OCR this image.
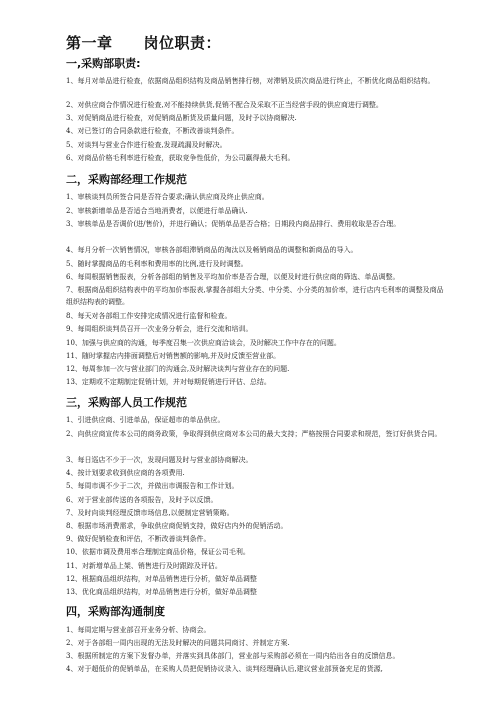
第一章　　岗位职责：
一,采购部职责:
1、每月对单品进行检查，依据商品组织结构及商品销售排行榜，对滞销及质次商品进行终止，不断优化商品组织结构。
2、对供应商合作情况进行检查,对不能持续供货,促销不配合及采取不正当经营手段的供应商进行调整。
3、对促销商品进行检查，对促销商品断货及质量问题，及时予以协商解决.
4、对已签订的合同条款进行检查，不断改善谈判条件。
5、对谈判与营业合作进行检查,发现疏漏及时解决。
6、对商品价格毛利率进行检查，获取竞争性低价，为公司赢得最大毛利。
二，采购部经理工作规范
1、审核谈判员所签合同是否符合要求;确认供应商及终止供应商。
2、审核新增单品是否适合当地消费者，以便进行单品确认.
3、审核单品是否调价(进/售价)，并进行确认；促销单品是否合格；日期段内商品排行、费用收取是否合理。
4、每月分析一次销售情况，审核各部组滞销商品的淘汰以及畅销商品的调整和新商品的导入。
5、随时掌握商品的毛利率和费用率的比例,进行及时调整。
6、每周根据销售报表，分析各部组的销售及平均加价率是否合理，以便及时进行供应商的筛选、单品调整。
7、根据商品组织结构表中的平均加价率报表,掌握各部组大分类、中分类、小分类的加价率，进行店内毛利率的调整及商品组织结构表的调整。
8、每天对各部组工作安排完成情况进行监督和检查。
9、每周组织谈判员召开一次业务分析会，进行交流和培训。
10、加强与供应商的沟通，每季度召集一次供应商洽谈会，及时解决工作中存在的问题。
11、随时掌握店内排面调整后对销售额的影响,并及时反馈至营业部。
12、每周参加一次与营业部门的沟通会,及时解决谈判与营业存在的问题.
13、定期或不定期制定促销计划，并对每期促销进行评估、总结。
三，采购部人员工作规范
1、引进供应商、引进单品，保证超市的单品供应。
2、向供应商宣传本公司的商务政策，争取得到供应商对本公司的最大支持；严格按照合同要求和规范，签订好供货合同。
3、每日巡店不少于一次，发现问题及时与营业部协商解决。
4、按计划要求收到供应商的各项费用.
5、每周市调不少于二次，并做出市调报告和工作计划。
6、对于营业部传送的各项报告，及时予以反馈。
7、及时向谈判经理反馈市场信息,以便制定营销策略。
8、根据市场消费需求，争取供应商促销支持，做好店内外的促销活动。
9、做好促销检查和评估，不断改善谈判条件。
10、依据市调及费用率合理制定商品价格，保证公司毛利。
11、对新增单品上架、销售进行及时跟踪及评估。
12、根据商品组织结构，对单品销售进行分析，做好单品调整
13、优化商品组织结构，对单品销售进行分析，做好单品调整
四，采购部沟通制度
1、每周定期与营业部召开业务分析、协商会。
2、对于各部组一周内出现的无法及时解决的问题共同商讨、并制定方案.
3、根据所制定的方案下发督办单，并落实到具体部门，营业部与采购部必须在一周内给出各自的反馈信息。
4、对于超低价的促销单品，在采购人员把促销协议录入、谈判经理确认后,建议营业部预备充足的货源,
